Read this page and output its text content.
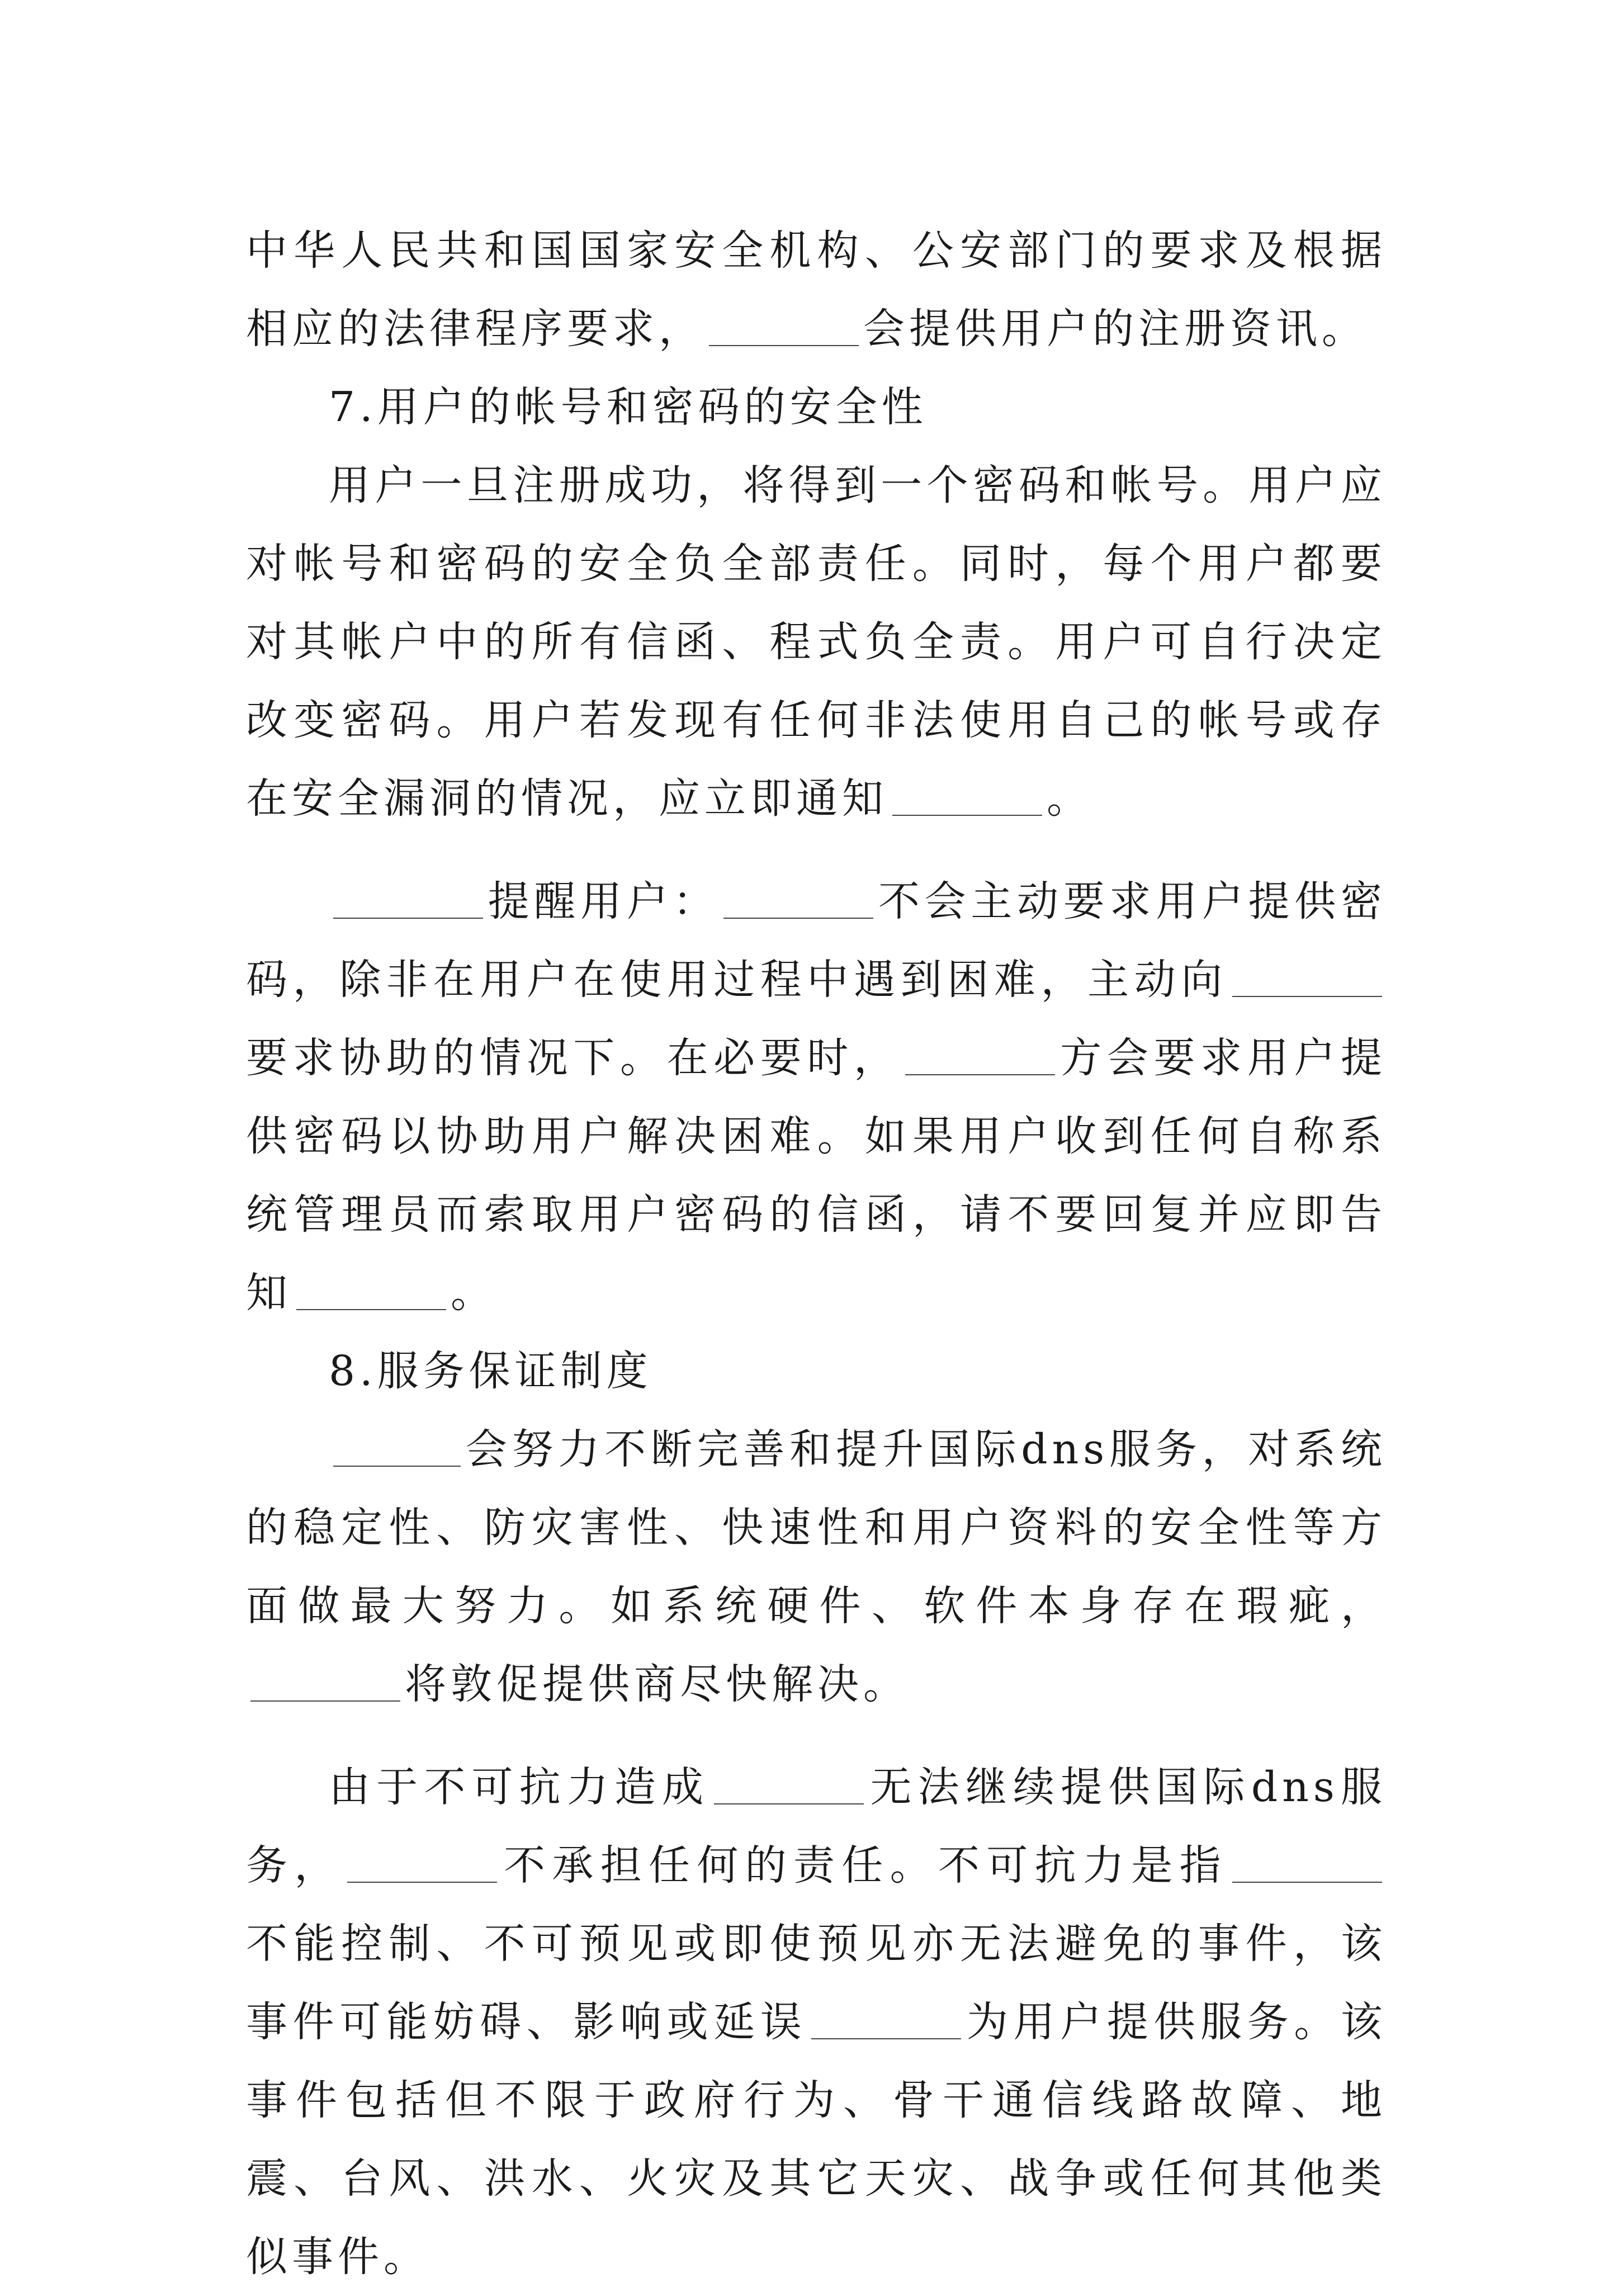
中华人民共和国国家安全机构、公安部门的要求及根据相应的法律程序要求，	会提供用户的注册资讯。

7.用户的帐号和密码的安全性

用户一旦注册成功，将得到一个密码和帐号。用户应对帐号和密码的安全负全部责任。同时，每个用户都要对其帐户中的所有信函、程式负全责。用户可自行决定改变密码。用户若发现有任何非法使用自己的帐号或存在安全漏洞的情况，应立即通知	。

提醒用户：	不会主动要求用户提供密码，除非在用户在使用过程中遇到困难，主动向要求协助的情况下。在必要时，	方会要求用户提供密码以协助用户解决困难。如果用户收到任何自称系统管理员而索取用户密码的信函，请不要回复并应即告知	。

8.服务保证制度

会努力不断完善和提升国际dns服务，对系统的稳定性、防灾害性、快速性和用户资料的安全性等方面做最大努力。如系统硬件、软件本身存在瑕疵，将敦促提供商尽快解决。

由于不可抗力造成	无法继续提供国际dns服务，	不承担任何的责任。不可抗力是指不能控制、不可预见或即使预见亦无法避免的事件，该事件可能妨碍、影响或延误	为用户提供服务。该事件包括但不限于政府行为、骨干通信线路故障、地震、台风、洪水、火灾及其它天灾、战争或任何其他类似事件。
